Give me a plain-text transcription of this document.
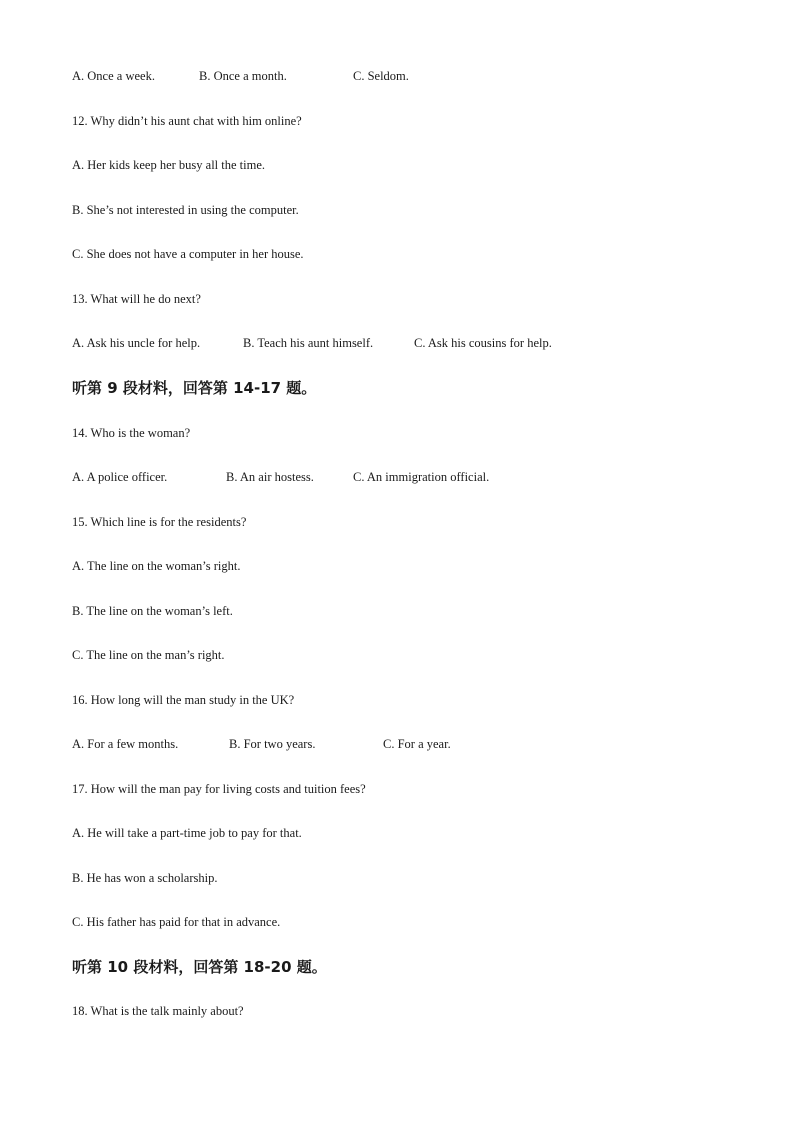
A. Once a week.	B. Once a month.	C. Seldom.
12. Why didn’t his aunt chat with him online?
A. Her kids keep her busy all the time.
B. She’s not interested in using the computer.
C. She does not have a computer in her house.
13. What will he do next?
A. Ask his uncle for help.	B. Teach his aunt himself.	C. Ask his cousins for help.
听第 9 段材料，回答第 14-17 题。
14. Who is the woman?
A. A police officer.	B. An air hostess.	C. An immigration official.
15. Which line is for the residents?
A. The line on the woman’s right.
B. The line on the woman’s left.
C. The line on the man’s right.
16. How long will the man study in the UK?
A. For a few months.	B. For two years.	C. For a year.
17. How will the man pay for living costs and tuition fees?
A. He will take a part-time job to pay for that.
B. He has won a scholarship.
C. His father has paid for that in advance.
听第 10 段材料，回答第 18-20 题。
18. What is the talk mainly about?
